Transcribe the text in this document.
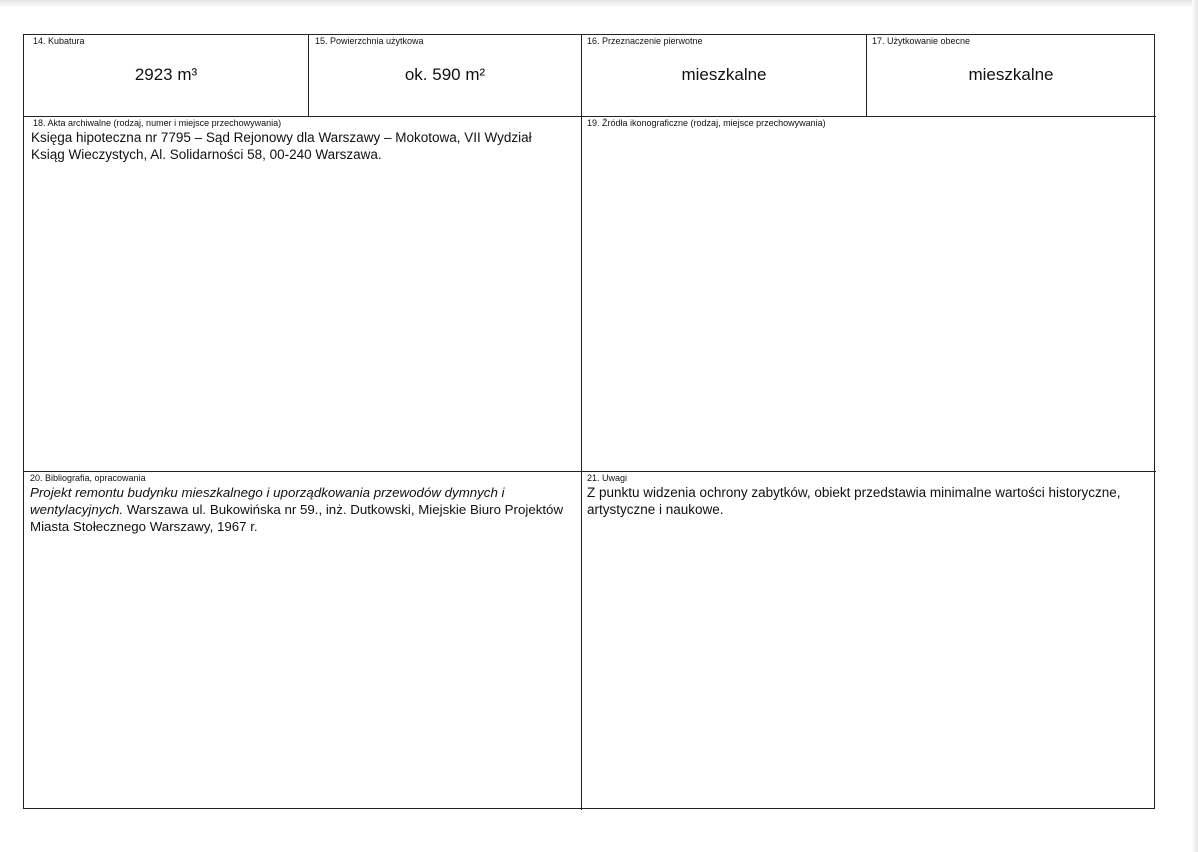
14. Kubatura
2923 m³
15. Powierzchnia użytkowa
ok. 590 m²
16. Przeznaczenie pierwotne
mieszkalne
17. Użytkowanie obecne
mieszkalne
18. Akta archiwalne (rodzaj, numer i miejsce przechowywania)
Księga hipoteczna nr 7795 – Sąd Rejonowy dla Warszawy – Mokotowa, VII Wydział Ksiąg Wieczystych, Al. Solidarności 58, 00-240 Warszawa.
19. Źródła ikonograficzne (rodzaj, miejsce przechowywania)
20. Bibliografia, opracowania
Projekt remontu budynku mieszkalnego i uporządkowania przewodów dymnych i wentylacyjnych. Warszawa ul. Bukowińska nr 59., inż. Dutkowski, Miejskie Biuro Projektów Miasta Stołecznego Warszawy, 1967 r.
21. Uwagi
Z punktu widzenia ochrony zabytków, obiekt przedstawia minimalne wartości historyczne, artystyczne i naukowe.
